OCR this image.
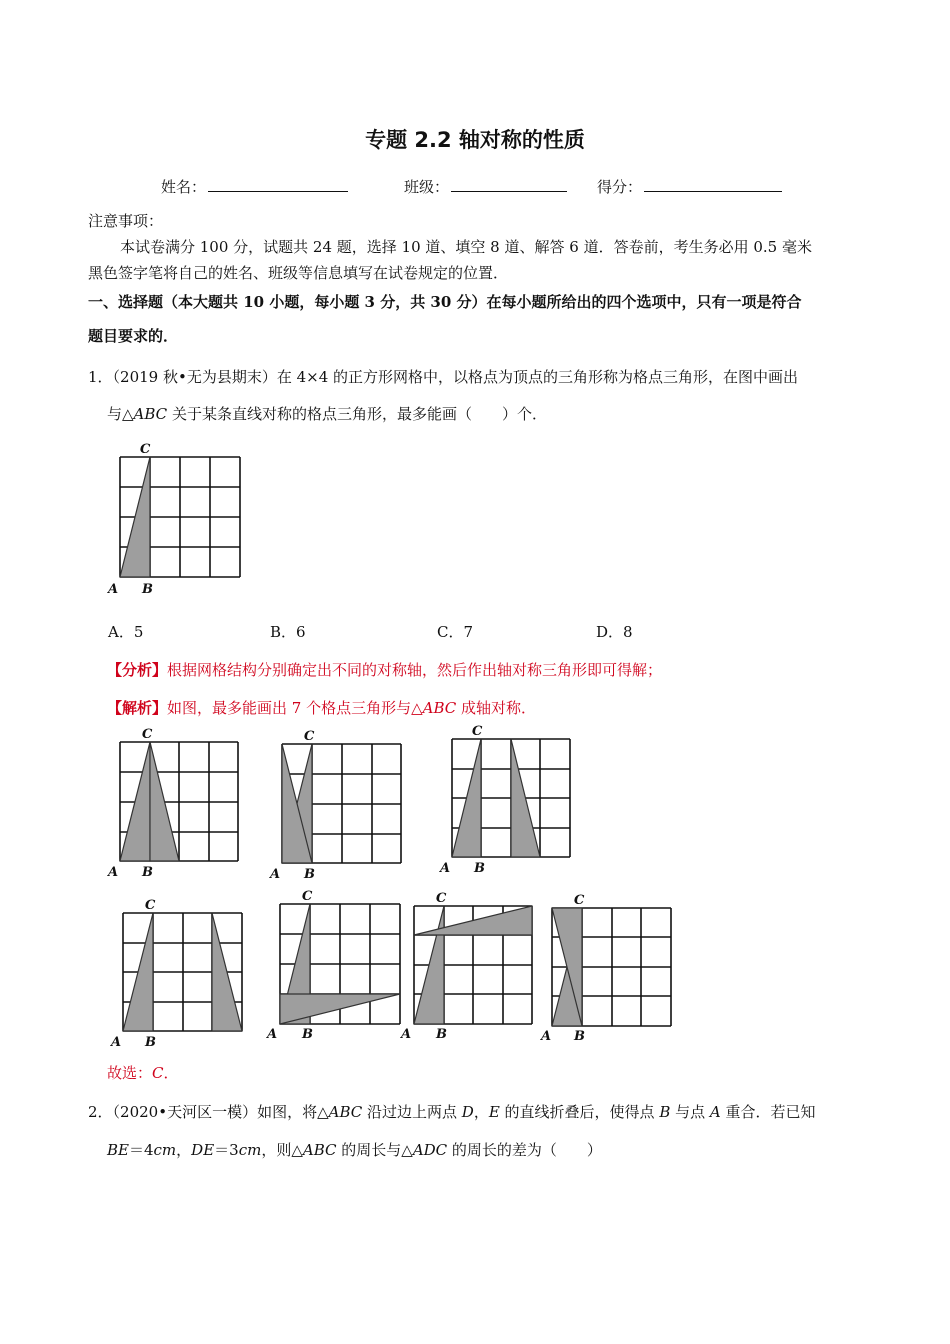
专题 2.2 轴对称的性质
姓名：	班级：	得分：
注意事项：
本试卷满分 100 分，试题共 24 题，选择 10 道、填空 8 道、解答 6 道．答卷前，考生务必用 0.5 毫米
黑色签字笔将自己的姓名、班级等信息填写在试卷规定的位置．
一、选择题（本大题共 10 小题，每小题 3 分，共 30 分）在每小题所给出的四个选项中，只有一项是符合
题目要求的．
1．（2019 秋•无为县期末）在 4×4 的正方形网格中，以格点为顶点的三角形称为格点三角形，在图中画出
与△ABC 关于某条直线对称的格点三角形，最多能画（　　）个．
C
A B
A．5	B．6	C．7	D．8
【分析】根据网格结构分别确定出不同的对称轴，然后作出轴对称三角形即可得解；
【解析】如图，最多能画出 7 个格点三角形与△ABC 成轴对称．
C
A B
C
A B
C
A B
C
A B
C
A B
C
A B
C
A B
故选：C．
2．（2020•天河区一模）如图，将△ABC 沿过边上两点 D，E 的直线折叠后，使得点 B 与点 A 重合．若已知
BE＝4cm，DE＝3cm，则△ABC 的周长与△ADC 的周长的差为（　　）
